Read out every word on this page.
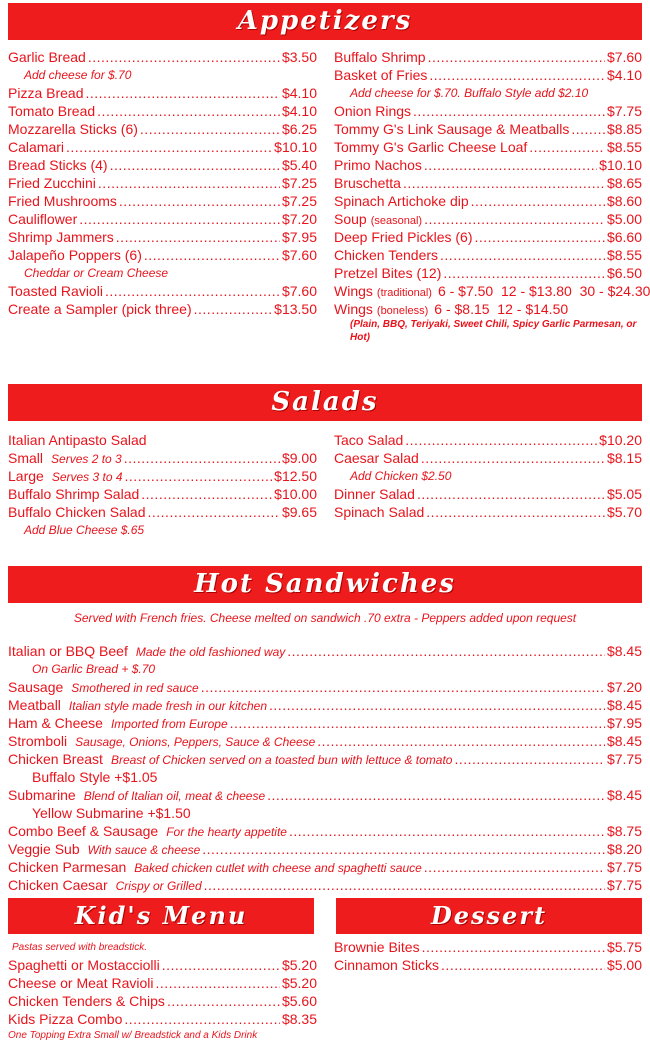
Appetizers
Salads
Hot Sandwiches
Kid's Menu	Dessert
Garlic Bread .....	$3.50
Add cheese for $.70
Pizza Bread .....	$4.10
Tomato Bread .....	$4.10
Mozzarella Sticks (6) .....	$6.25
Calamari .....	$10.10
Bread Sticks (4) .....	$5.40
Fried Zucchini .....	$7.25
Fried Mushrooms .....	$7.25
Cauliflower .....	$7.20
Shrimp Jammers .....	$7.95
Jalapeño Poppers (6) .....	$7.60
Cheddar or Cream Cheese
Toasted Ravioli .....	$7.60
Create a Sampler (pick three) .....	$13.50
Buffalo Shrimp .....	$7.60
Basket of Fries .....	$4.10
Add cheese for $.70. Buffalo Style add $2.10
Onion Rings .....	$7.75
Tommy G's Link Sausage & Meatballs .....	$8.85
Tommy G's Garlic Cheese Loaf .....	$8.55
Primo Nachos .....	$10.10
Bruschetta .....	$8.65
Spinach Artichoke dip .....	$8.60
Soup (seasonal) .....	$5.00
Deep Fried Pickles (6) .....	$6.60
Chicken Tenders .....	$8.55
Pretzel Bites (12) .....	$6.50
Wings (traditional) 6 - $7.50  12 - $13.80  30 - $24.30
Wings (boneless) 6 - $8.15  12 - $14.50
(Plain, BBQ, Teriyaki, Sweet Chili, Spicy Garlic Parmesan, or Hot)
Italian Antipasto Salad
Small Serves 2 to 3 .....	$9.00
Large Serves 3 to 4 .....	$12.50
Buffalo Shrimp Salad .....	$10.00
Buffalo Chicken Salad .....	$9.65
Add Blue Cheese $.65
Taco Salad .....	$10.20
Caesar Salad .....	$8.15
Add Chicken $2.50
Dinner Salad .....	$5.05
Spinach Salad .....	$5.70
Served with French fries. Cheese melted on sandwich .70 extra - Peppers added upon request
Italian or BBQ Beef Made the old fashioned way .....	$8.45
On Garlic Bread + $.70
Sausage Smothered in red sauce .....	$7.20
Meatball Italian style made fresh in our kitchen .....	$8.45
Ham & Cheese Imported from Europe .....	$7.95
Stromboli Sausage, Onions, Peppers, Sauce & Cheese .....	$8.45
Chicken Breast Breast of Chicken served on a toasted bun with lettuce & tomato .....	$7.75
Buffalo Style +$1.05
Submarine Blend of Italian oil, meat & cheese .....	$8.45
Yellow Submarine +$1.50
Combo Beef & Sausage For the hearty appetite .....	$8.75
Veggie Sub With sauce & cheese .....	$8.20
Chicken Parmesan Baked chicken cutlet with cheese and spaghetti sauce .....	$7.75
Chicken Caesar Crispy or Grilled .....	$7.75
Pastas served with breadstick.
Spaghetti or Mostacciolli .....	$5.20
Cheese or Meat Ravioli .....	$5.20
Chicken Tenders & Chips .....	$5.60
Kids Pizza Combo .....	$8.35
One Topping Extra Small w/ Breadstick and a Kids Drink
Brownie Bites .....	$5.75
Cinnamon Sticks .....	$5.00
